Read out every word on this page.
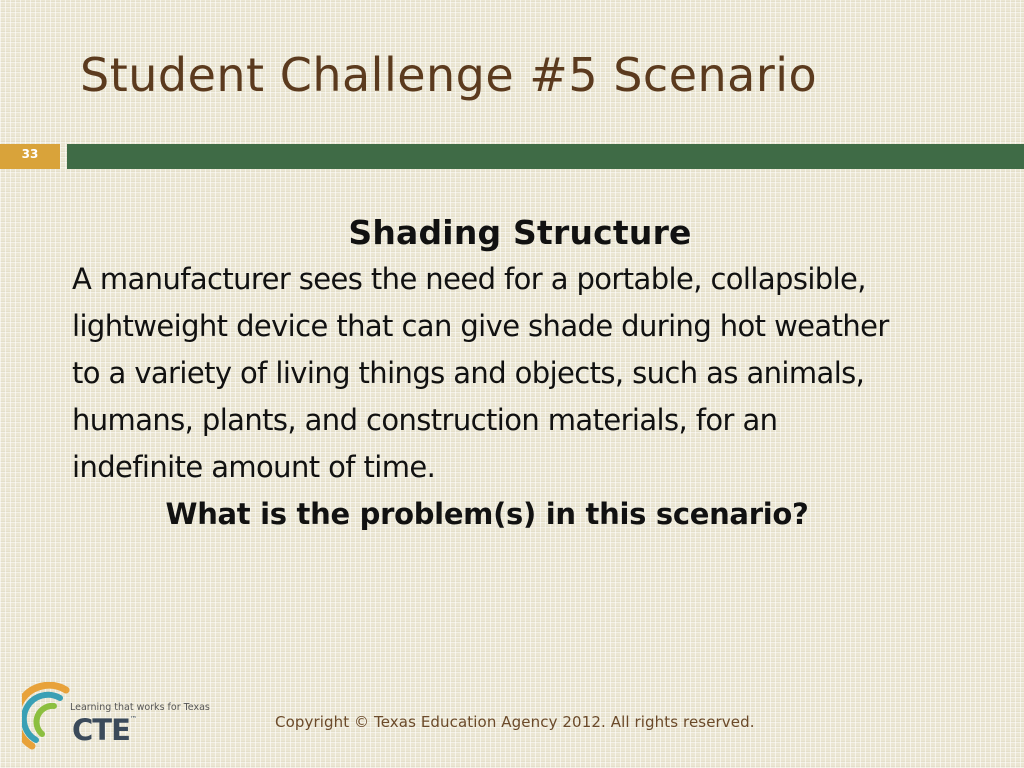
Student Challenge #5 Scenario
33
Shading Structure

A manufacturer sees the need for a portable, collapsible, lightweight device that can give shade during hot weather to a variety of living things and objects, such as animals, humans, plants, and construction materials, for an indefinite amount of time.

What is the problem(s) in this scenario?
Learning that works for Texas
CTE™	Copyright © Texas Education Agency 2012. All rights reserved.
